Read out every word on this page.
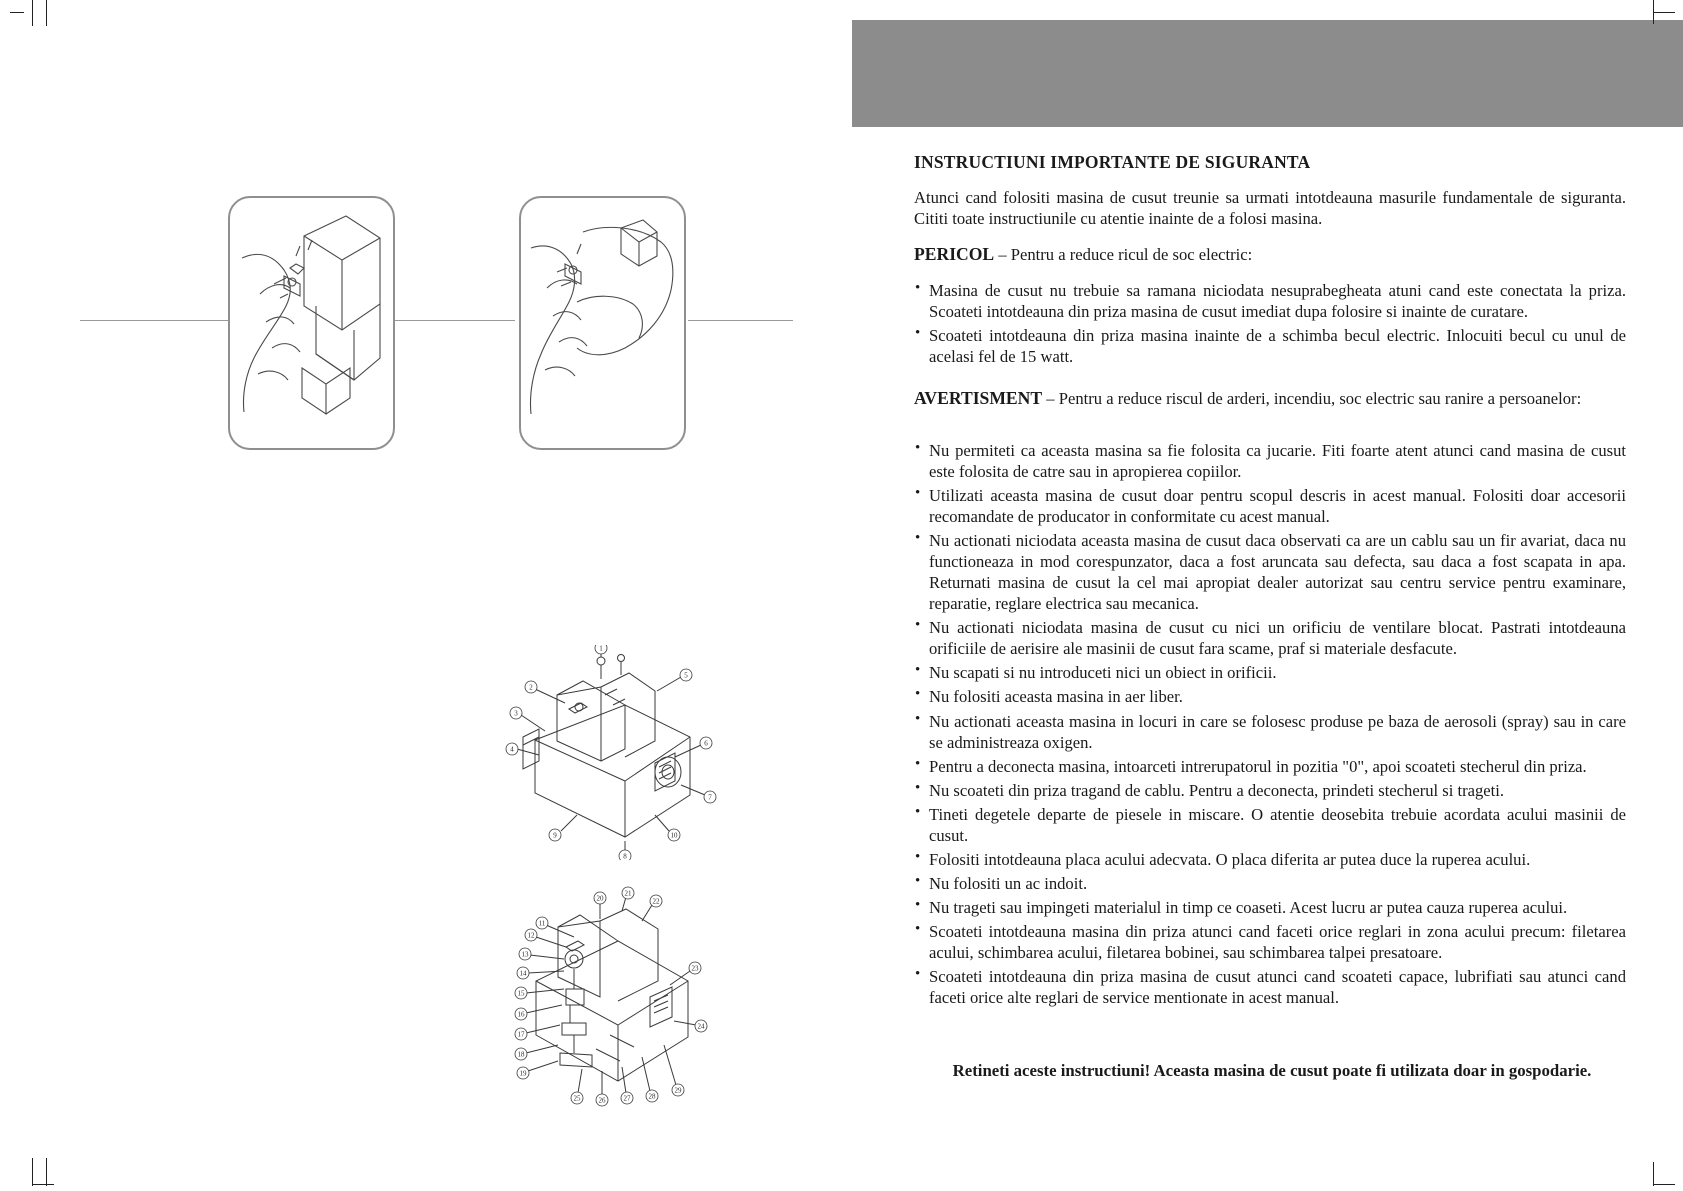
1
2
3
4
5
6
7
8
9	10
11
12
13
14
15
16
17
18
19
20
21
22
23
24
25	26	27	28
29
INSTRUCTIUNI IMPORTANTE DE SIGURANTA

Atunci cand folositi masina de cusut treunie sa urmati intotdeauna masurile fundamentale de siguranta. Cititi toate instructiunile cu atentie inainte de a folosi masina.

PERICOL – Pentru a reduce ricul de soc electric:

• Masina de cusut nu trebuie sa ramana niciodata nesuprabegheata atuni cand este conectata la priza. Scoateti intotdeauna din priza masina de cusut imediat dupa folosire si inainte de curatare.
• Scoateti intotdeauna din priza masina inainte de a schimba becul electric. Inlocuiti becul cu unul de acelasi fel de 15 watt.

AVERTISMENT – Pentru a reduce riscul de arderi, incendiu, soc electric sau ranire a persoanelor:

• Nu permiteti ca aceasta masina sa fie folosita ca jucarie. Fiti foarte atent atunci cand masina de cusut este folosita de catre sau in apropierea copiilor.
• Utilizati aceasta masina de cusut doar pentru scopul descris in acest manual. Folositi doar accesorii recomandate de producator in conformitate cu acest manual.
• Nu actionati niciodata aceasta masina de cusut daca observati ca are un cablu sau un fir avariat, daca nu functioneaza in mod corespunzator, daca a fost aruncata sau defecta, sau daca a fost scapata in apa. Returnati masina de cusut la cel mai apropiat dealer autorizat sau centru service pentru examinare, reparatie, reglare electrica sau mecanica.
• Nu actionati niciodata masina de cusut cu nici un orificiu de ventilare blocat. Pastrati intotdeauna orificiile de aerisire ale masinii de cusut fara scame, praf si materiale desfacute.
• Nu scapati si nu introduceti nici un obiect in orificii.
• Nu folositi aceasta masina in aer liber.
• Nu actionati aceasta masina in locuri in care se folosesc produse pe baza de aerosoli (spray) sau in care se administreaza oxigen.
• Pentru a deconecta masina, intoarceti intrerupatorul in pozitia "0", apoi scoateti stecherul din priza.
• Nu scoateti din priza tragand de cablu. Pentru a deconecta, prindeti stecherul si trageti.
• Tineti degetele departe de piesele in miscare. O atentie deosebita trebuie acordata acului masinii de cusut.
• Folositi intotdeauna placa acului adecvata. O placa diferita ar putea duce la ruperea acului.
• Nu folositi un ac indoit.
• Nu trageti sau impingeti materialul in timp ce coaseti. Acest lucru ar putea cauza ruperea acului.
• Scoateti intotdeauna masina din priza atunci cand faceti orice reglari in zona acului precum: filetarea acului, schimbarea acului, filetarea bobinei, sau schimbarea talpei presatoare.
• Scoateti intotdeauna din priza masina de cusut atunci cand scoateti capace, lubrifiati sau atunci cand faceti orice alte reglari de service mentionate in acest manual.
Retineti aceste instructiuni! Aceasta masina de cusut poate fi utilizata doar in gospodarie.
